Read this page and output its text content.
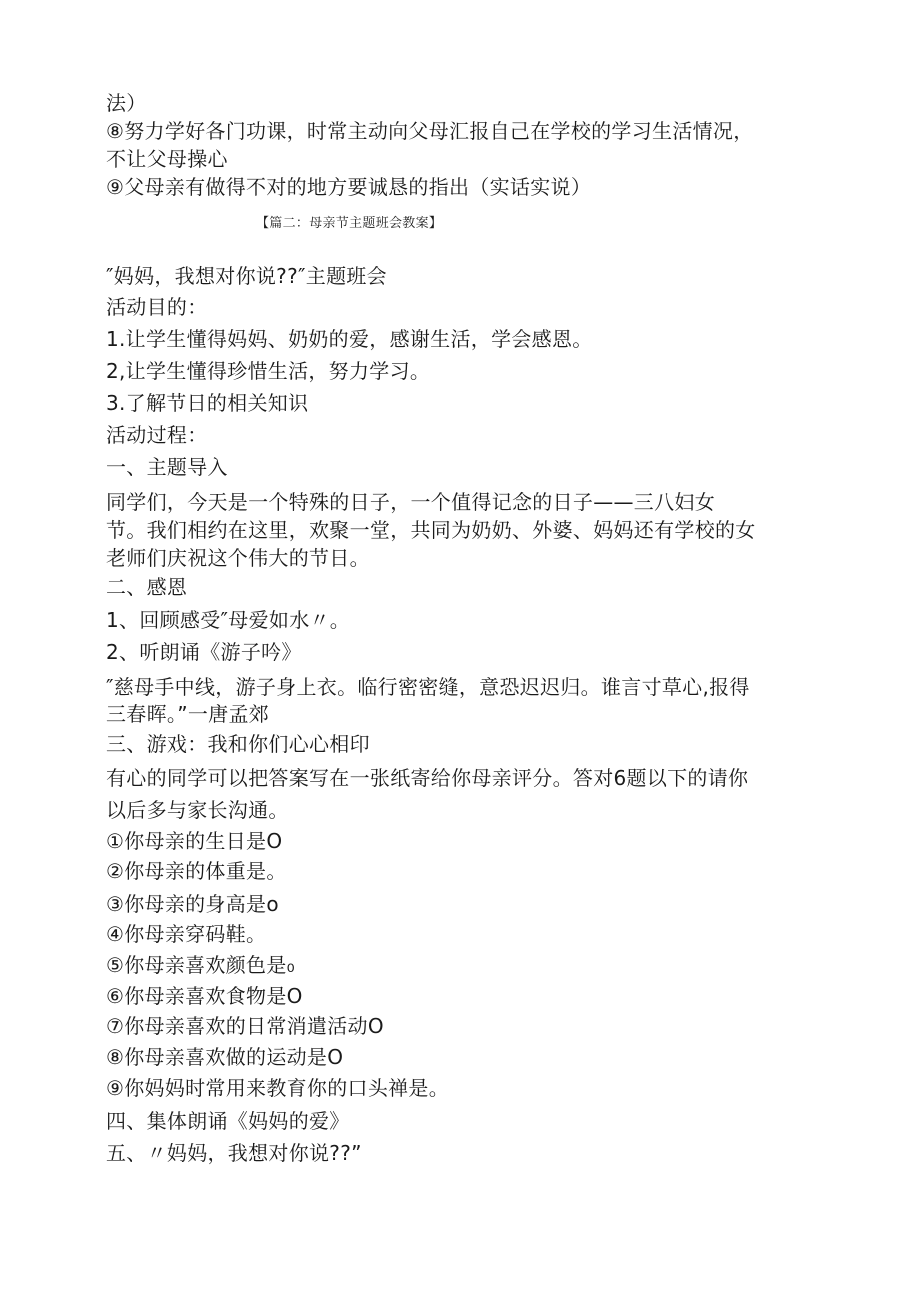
法）
⑧努力学好各门功课，时常主动向父母汇报自己在学校的学习生活情况，
不让父母操心
⑨父母亲有做得不对的地方要诚恳的指出（实话实说）
【篇二：母亲节主题班会教案】
″妈妈，我想对你说??″主题班会
活动目的：
1.让学生懂得妈妈、奶奶的爱，感谢生活，学会感恩。
2,让学生懂得珍惜生活，努力学习。
3.了解节日的相关知识
活动过程：
一、主题导入
同学们，今天是一个特殊的日子，一个值得记念的日子——三八妇女
节。我们相约在这里，欢聚一堂，共同为奶奶、外婆、妈妈还有学校的女
老师们庆祝这个伟大的节日。
二、感恩
1、回顾感受″母爱如水〃。
2、听朗诵《游子吟》
″慈母手中线，游子身上衣。临行密密缝，意恐迟迟归。谁言寸草心,报得
三春晖。”一唐孟郊
三、游戏：我和你们心心相印
有心的同学可以把答案写在一张纸寄给你母亲评分。答对6题以下的请你
以后多与家长沟通。
①你母亲的生日是O
②你母亲的体重是。
③你母亲的身高是o
④你母亲穿码鞋。
⑤你母亲喜欢颜色是₀
⑥你母亲喜欢食物是O
⑦你母亲喜欢的日常消遣活动O
⑧你母亲喜欢做的运动是O
⑨你妈妈时常用来教育你的口头禅是。
四、集体朗诵《妈妈的爱》
五、〃妈妈，我想对你说??”
